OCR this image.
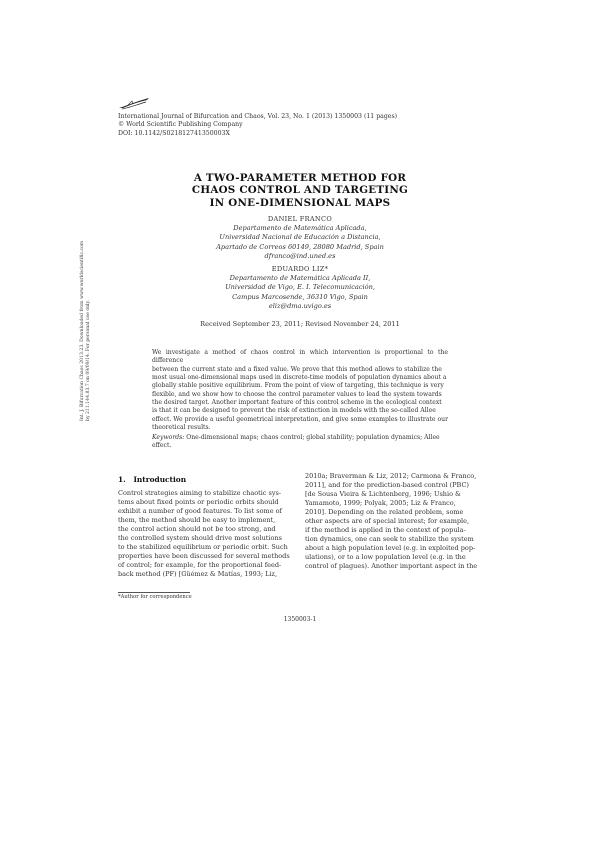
International Journal of Bifurcation and Chaos, Vol. 23, No. 1 (2013) 1350003 (11 pages)
© World Scientific Publishing Company
DOI: 10.1142/S021812741350003X
Int. J. Bifurcation Chaos 2013.23. Downloaded from www.worldscientific.com by 211.144.83.7 on 09/09/14. For personal use only.
A TWO-PARAMETER METHOD FOR
CHAOS CONTROL AND TARGETING
IN ONE-DIMENSIONAL MAPS
DANIEL FRANCO
Departamento de Matemática Aplicada,
Universidad Nacional de Educación a Distancia,
Apartado de Correos 60149, 28080 Madrid, Spain
dfranco@ind.uned.es
EDUARDO LIZ*
Departamento de Matemática Aplicada II,
Universidad de Vigo, E. I. Telecomunicación,
Campus Marcosende, 36310 Vigo, Spain
eliz@dma.uvigo.es
Received September 23, 2011; Revised November 24, 2011
We investigate a method of chaos control in which intervention is proportional to the difference
between the current state and a fixed value. We prove that this method allows to stabilize the
most usual one-dimensional maps used in discrete-time models of population dynamics about a
globally stable positive equilibrium. From the point of view of targeting, this technique is very
flexible, and we show how to choose the control parameter values to lead the system towards
the desired target. Another important feature of this control scheme in the ecological context
is that it can be designed to prevent the risk of extinction in models with the so-called Allee
effect. We provide a useful geometrical interpretation, and give some examples to illustrate our
theoretical results.
Keywords: One-dimensional maps; chaos control; global stability; population dynamics; Allee
effect.
1. Introduction
Control strategies aiming to stabilize chaotic sys-
tems about fixed points or periodic orbits should
exhibit a number of good features. To list some of
them, the method should be easy to implement,
the control action should not be too strong, and
the controlled system should drive most solutions
to the stabilized equilibrium or periodic orbit. Such
properties have been discussed for several methods
of control; for example, for the proportional feed-
back method (PF) [Güémez & Matías, 1993; Liz,
2010a; Braverman & Liz, 2012; Carmona & Franco,
2011], and for the prediction-based control (PBC)
[de Sousa Vieira & Lichtenberg, 1996; Ushio &
Yamamoto, 1999; Polyak, 2005; Liz & Franco,
2010]. Depending on the related problem, some
other aspects are of special interest; for example,
if the method is applied in the context of popula-
tion dynamics, one can seek to stabilize the system
about a high population level (e.g. in exploited pop-
ulations), or to a low population level (e.g. in the
control of plagues). Another important aspect in the
*Author for correspondence
1350003-1
